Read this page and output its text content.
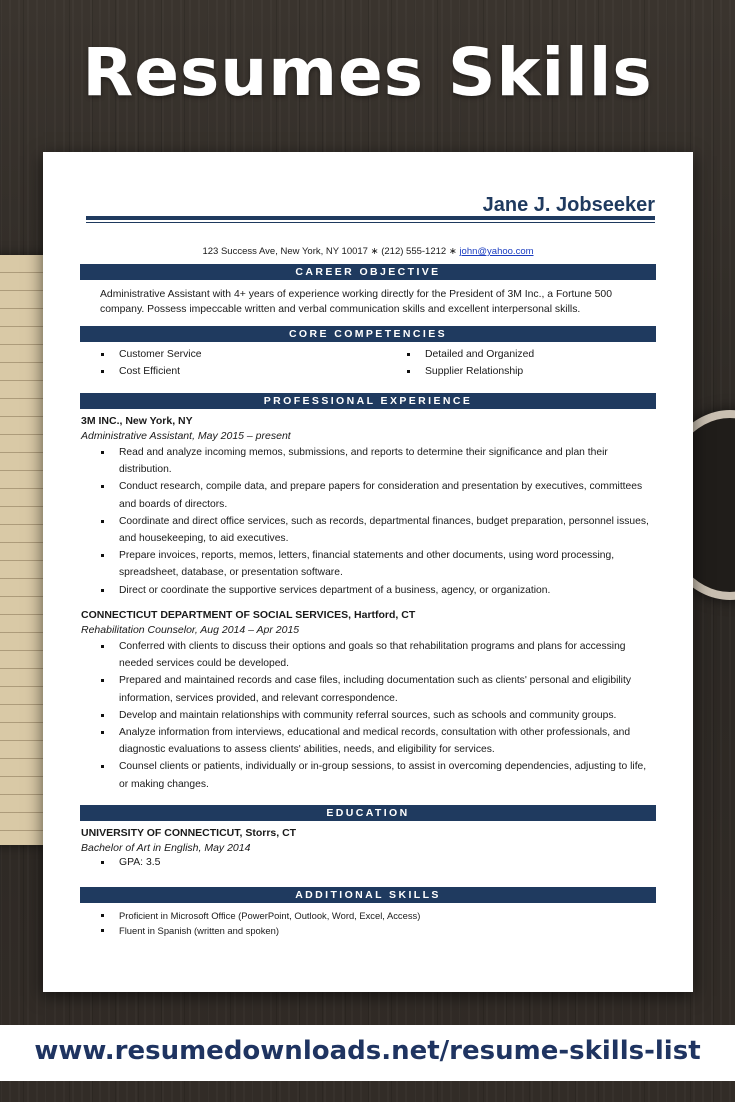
Resumes Skills
Jane J. Jobseeker
123 Success Ave, New York, NY 10017 ∗ (212) 555-1212 ∗ john@yahoo.com
CAREER OBJECTIVE
Administrative Assistant with 4+ years of experience working directly for the President of 3M Inc., a Fortune 500 company. Possess impeccable written and verbal communication skills and excellent interpersonal skills.
CORE COMPETENCIES
Customer Service
Cost Efficient
Detailed and Organized
Supplier Relationship
PROFESSIONAL EXPERIENCE
3M INC., New York, NY
Administrative Assistant, May 2015 – present
Read and analyze incoming memos, submissions, and reports to determine their significance and plan their distribution.
Conduct research, compile data, and prepare papers for consideration and presentation by executives, committees and boards of directors.
Coordinate and direct office services, such as records, departmental finances, budget preparation, personnel issues, and housekeeping, to aid executives.
Prepare invoices, reports, memos, letters, financial statements and other documents, using word processing, spreadsheet, database, or presentation software.
Direct or coordinate the supportive services department of a business, agency, or organization.
CONNECTICUT DEPARTMENT OF SOCIAL SERVICES, Hartford, CT
Rehabilitation Counselor, Aug 2014 – Apr 2015
Conferred with clients to discuss their options and goals so that rehabilitation programs and plans for accessing needed services could be developed.
Prepared and maintained records and case files, including documentation such as clients' personal and eligibility information, services provided, and relevant correspondence.
Develop and maintain relationships with community referral sources, such as schools and community groups.
Analyze information from interviews, educational and medical records, consultation with other professionals, and diagnostic evaluations to assess clients' abilities, needs, and eligibility for services.
Counsel clients or patients, individually or in-group sessions, to assist in overcoming dependencies, adjusting to life, or making changes.
EDUCATION
UNIVERSITY OF CONNECTICUT, Storrs, CT
Bachelor of Art in English, May 2014
GPA: 3.5
ADDITIONAL SKILLS
Proficient in Microsoft Office (PowerPoint, Outlook, Word, Excel, Access)
Fluent in Spanish (written and spoken)
www.resumedownloads.net/resume-skills-list
